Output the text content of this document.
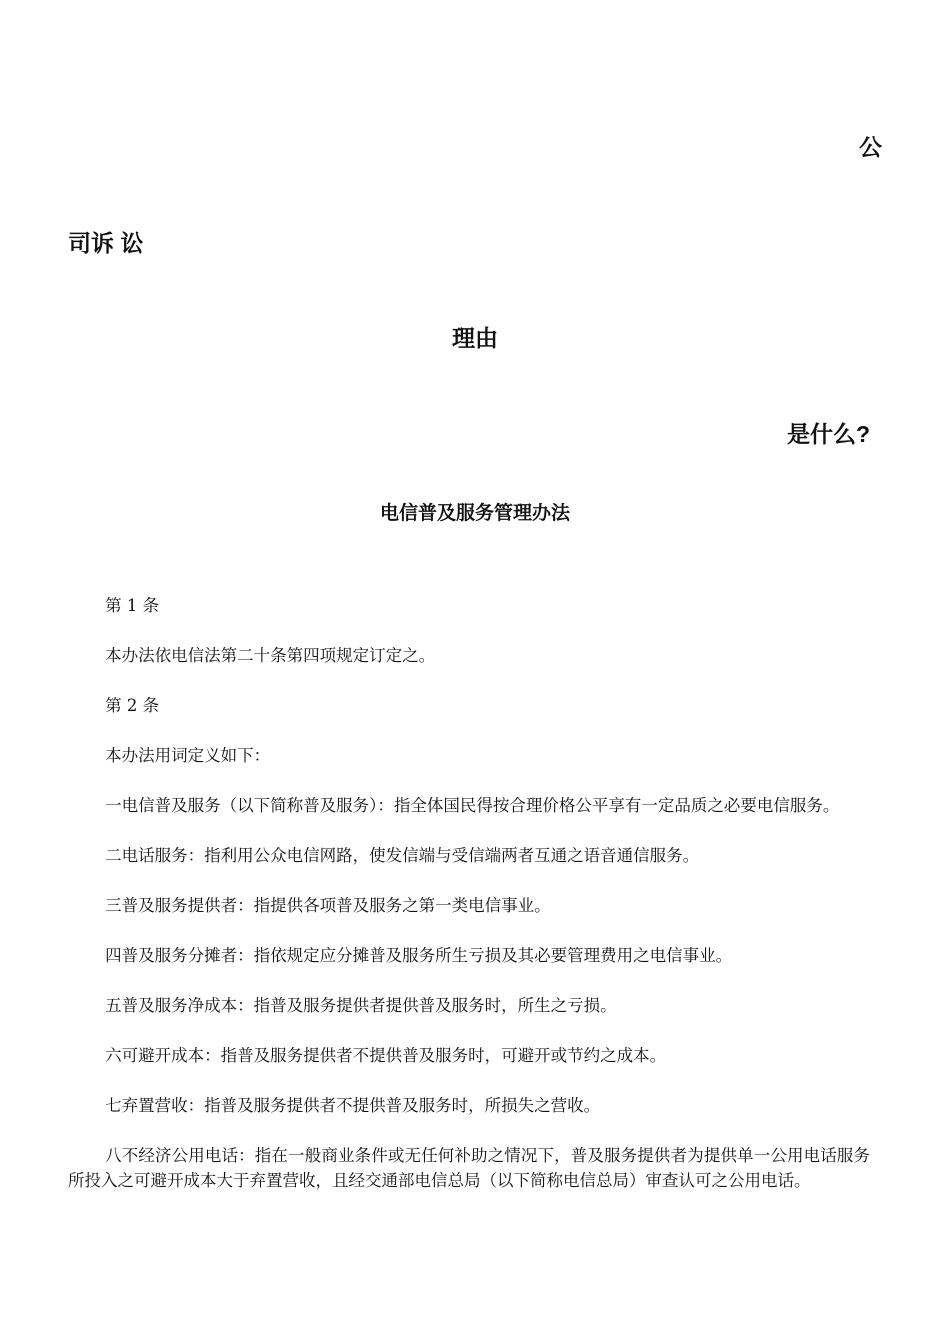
公
司诉 讼
理由
是什么?
电信普及服务管理办法

第 1 条

本办法依电信法第二十条第四项规定订定之。

第 2 条

本办法用词定义如下：

一电信普及服务（以下简称普及服务）：指全体国民得按合理价格公平享有一定品质之必要电信服务。

二电话服务：指利用公众电信网路，使发信端与受信端两者互通之语音通信服务。

三普及服务提供者：指提供各项普及服务之第一类电信事业。

四普及服务分摊者：指依规定应分摊普及服务所生亏损及其必要管理费用之电信事业。

五普及服务净成本：指普及服务提供者提供普及服务时，所生之亏损。

六可避开成本：指普及服务提供者不提供普及服务时，可避开或节约之成本。

七弃置营收：指普及服务提供者不提供普及服务时，所损失之营收。

八不经济公用电话：指在一般商业条件或无任何补助之情况下，普及服务提供者为提供单一公用电话服务所投入之可避开成本大于弃置营收，且经交通部电信总局（以下简称电信总局）审查认可之公用电话。
